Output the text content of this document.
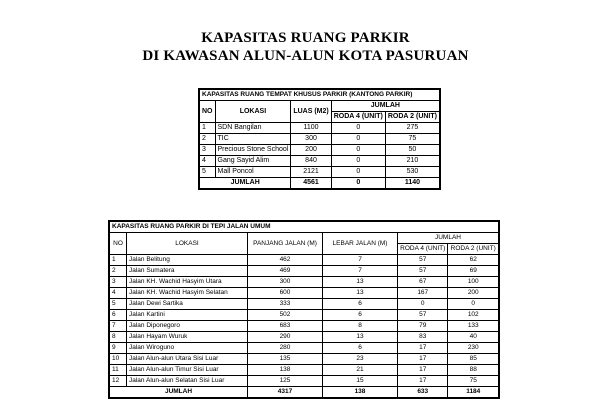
KAPASITAS RUANG PARKIR
DI KAWASAN ALUN-ALUN KOTA PASURUAN
KAPASITAS RUANG TEMPAT KHUSUS PARKIR (KANTONG PARKIR)				
NO	LOKASI	LUAS (M2)	JUMLAH	
			RODA 4 (UNIT)	RODA 2 (UNIT)
1	SDN Bangilan	1100	0	275
2	TIC	300	0	75
3	Precious Stone School	200	0	50
4	Gang Sayid Alim	840	0	210
5	Mall Poncol	2121	0	530
JUMLAH		4561	0	1140
KAPASITAS RUANG PARKIR DI TEPI JALAN UMUM					
NO	LOKASI	PANJANG JALAN (M)	LEBAR JALAN (M)	JUMLAH	
				RODA 4 (UNIT)	RODA 2 (UNIT)
1	Jalan Belitung	462	7	57	62
2	Jalan Sumatera	469	7	57	69
3	Jalan KH. Wachid Hasyim Utara	300	13	67	100
4	Jalan KH. Wachid Hasyim Selatan	600	13	167	200
5	Jalan Dewi Sartika	333	6	0	0
6	Jalan Kartini	502	6	57	102
7	Jalan Diponegoro	683	8	79	133
8	Jalan Hayam Wuruk	290	13	83	40
9	Jalan Wiroguno	280	6	17	230
10	Jalan Alun-alun Utara Sisi Luar	135	23	17	85
11	Jalan Alun-alun Timur Sisi Luar	138	21	17	88
12	Jalan Alun-alun Selatan Sisi Luar	125	15	17	75
JUMLAH		4317	138	633	1184
